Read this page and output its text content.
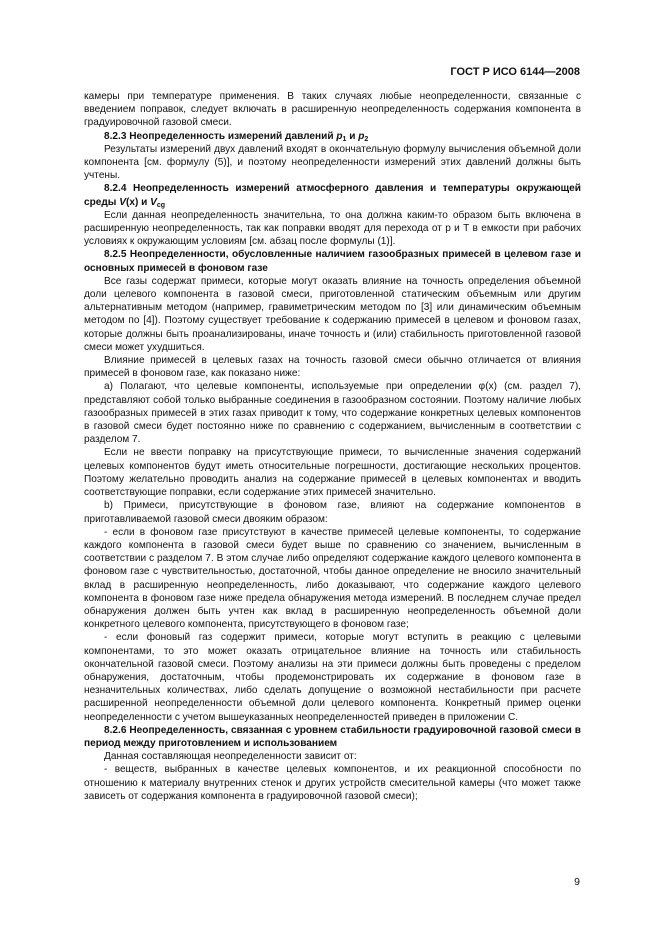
ГОСТ Р ИСО 6144—2008

камеры при температуре применения. В таких случаях любые неопределенности, связанные с введением поправок, следует включать в расширенную неопределенность содержания компонента в градуировочной газовой смеси.

8.2.3 Неопределенность измерений давлений $p_1$ и $p_2$

Результаты измерений двух давлений входят в окончательную формулу вычисления объемной доли компонента [см. формулу (5)], и поэтому неопределенности измерений этих давлений должны быть учтены.

8.2.4 Неопределенность измерений атмосферного давления и температуры окружающей среды V(x) и $V_{cg}$

Если данная неопределенность значительна, то она должна каким-то образом быть включена в расширенную неопределенность, так как поправки вводят для перехода от p и T в емкости при рабочих условиях к окружающим условиям [см. абзац после формулы (1)].

8.2.5 Неопределенности, обусловленные наличием газообразных примесей в целевом газе и основных примесей в фоновом газе

Все газы содержат примеси, которые могут оказать влияние на точность определения объемной доли целевого компонента в газовой смеси, приготовленной статическим объемным или другим альтернативным методом (например, гравиметрическим методом по [3] или динамическим объемным методом по [4]). Поэтому существует требование к содержанию примесей в целевом и фоновом газах, которые должны быть проанализированы, иначе точность и (или) стабильность приготовленной газовой смеси может ухудшиться.

Влияние примесей в целевых газах на точность газовой смеси обычно отличается от влияния примесей в фоновом газе, как показано ниже:

а) Полагают, что целевые компоненты, используемые при определении φ(x) (см. раздел 7), представляют собой только выбранные соединения в газообразном состоянии. Поэтому наличие любых газообразных примесей в этих газах приводит к тому, что содержание конкретных целевых компонентов в газовой смеси будет постоянно ниже по сравнению с содержанием, вычисленным в соответствии с разделом 7.

Если не ввести поправку на присутствующие примеси, то вычисленные значения содержаний целевых компонентов будут иметь относительные погрешности, достигающие нескольких процентов. Поэтому желательно проводить анализ на содержание примесей в целевых компонентах и вводить соответствующие поправки, если содержание этих примесей значительно.

b) Примеси, присутствующие в фоновом газе, влияют на содержание компонентов в приготавливаемой газовой смеси двояким образом:

- если в фоновом газе присутствуют в качестве примесей целевые компоненты, то содержание каждого компонента в газовой смеси будет выше по сравнению со значением, вычисленным в соответствии с разделом 7. В этом случае либо определяют содержание каждого целевого компонента в фоновом газе с чувствительностью, достаточной, чтобы данное определение не вносило значительный вклад в расширенную неопределенность, либо доказывают, что содержание каждого целевого компонента в фоновом газе ниже предела обнаружения метода измерений. В последнем случае предел обнаружения должен быть учтен как вклад в расширенную неопределенность объемной доли конкретного целевого компонента, присутствующего в фоновом газе;

- если фоновый газ содержит примеси, которые могут вступить в реакцию с целевыми компонентами, то это может оказать отрицательное влияние на точность или стабильность окончательной газовой смеси. Поэтому анализы на эти примеси должны быть проведены с пределом обнаружения, достаточным, чтобы продемонстрировать их содержание в фоновом газе в незначительных количествах, либо сделать допущение о возможной нестабильности при расчете расширенной неопределенности объемной доли целевого компонента. Конкретный пример оценки неопределенности с учетом вышеуказанных неопределенностей приведен в приложении С.

8.2.6 Неопределенность, связанная с уровнем стабильности градуировочной газовой смеси в период между приготовлением и использованием

Данная составляющая неопределенности зависит от:

- веществ, выбранных в качестве целевых компонентов, и их реакционной способности по отношению к материалу внутренних стенок и других устройств смесительной камеры (что может также зависеть от содержания компонента в градуировочной газовой смеси);

9
